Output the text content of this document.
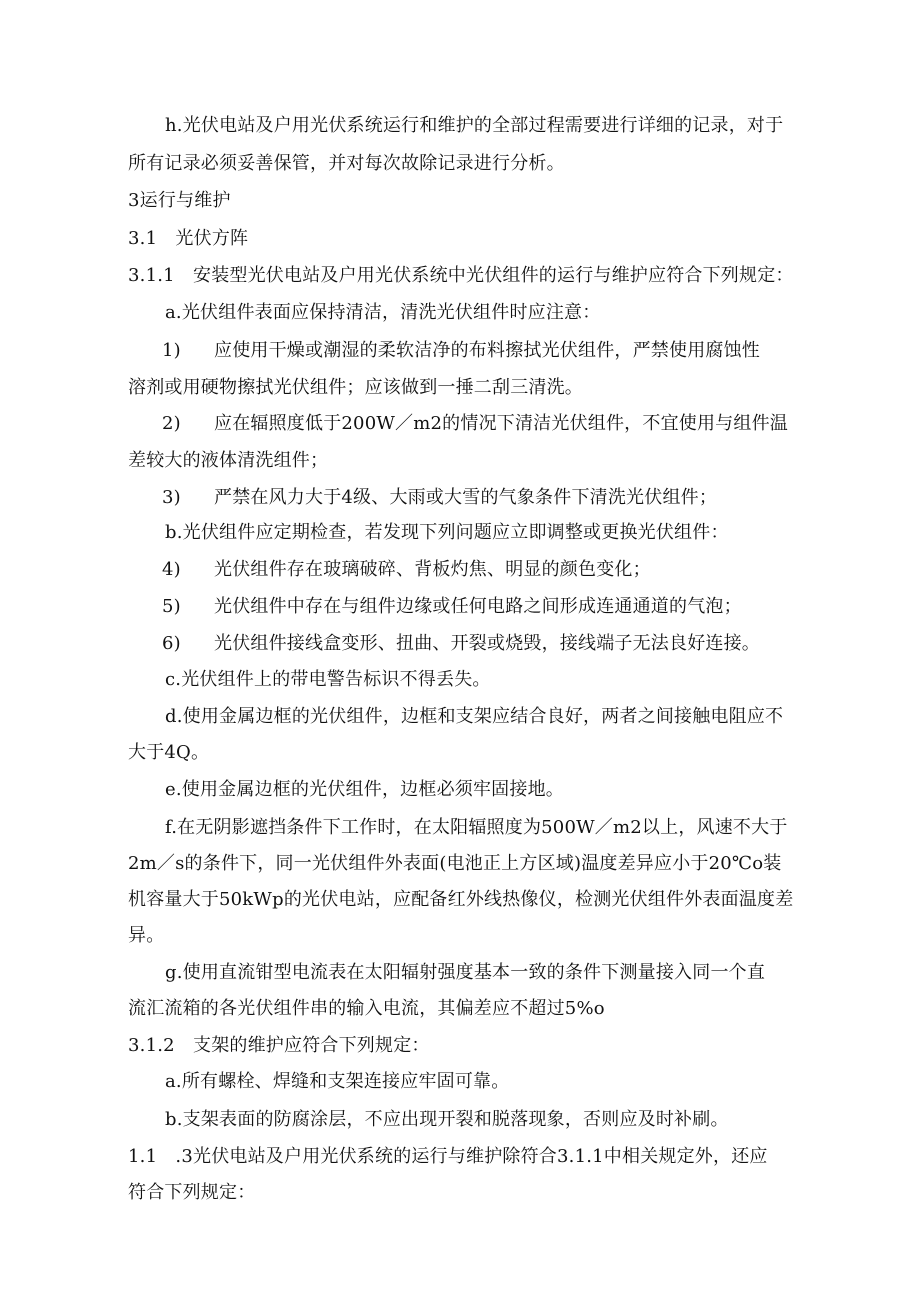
h.光伏电站及户用光伏系统运行和维护的全部过程需要进行详细的记录，对于
所有记录必须妥善保管，并对每次故除记录进行分析。
3运行与维护
3.1　光伏方阵
3.1.1　安装型光伏电站及户用光伏系统中光伏组件的运行与维护应符合下列规定：
a.光伏组件表面应保持清洁，清洗光伏组件时应注意：
1) 应使用干燥或潮湿的柔软洁净的布料擦拭光伏组件，严禁使用腐蚀性
溶剂或用硬物擦拭光伏组件；应该做到一捶二刮三清洗。
2) 应在辐照度低于200W／m2的情况下清洁光伏组件，不宜使用与组件温
差较大的液体清洗组件；
3) 严禁在风力大于4级、大雨或大雪的气象条件下清洗光伏组件；
b.光伏组件应定期检查，若发现下列问题应立即调整或更换光伏组件：
4) 光伏组件存在玻璃破碎、背板灼焦、明显的颜色变化；
5) 光伏组件中存在与组件边缘或任何电路之间形成连通通道的气泡；
6) 光伏组件接线盒变形、扭曲、开裂或烧毁，接线端子无法良好连接。
c.光伏组件上的带电警告标识不得丢失。
d.使用金属边框的光伏组件，边框和支架应结合良好，两者之间接触电阻应不
大于4Q。
e.使用金属边框的光伏组件，边框必须牢固接地。
f.在无阴影遮挡条件下工作时，在太阳辐照度为500W／m2以上，风速不大于
2m／s的条件下，同一光伏组件外表面(电池正上方区域)温度差异应小于20℃o装
机容量大于50kWp的光伏电站，应配备红外线热像仪，检测光伏组件外表面温度差
异。
g.使用直流钳型电流表在太阳辐射强度基本一致的条件下测量接入同一个直
流汇流箱的各光伏组件串的输入电流，其偏差应不超过5%o
3.1.2　支架的维护应符合下列规定：
a.所有螺栓、焊缝和支架连接应牢固可靠。
b.支架表面的防腐涂层，不应出现开裂和脱落现象，否则应及时补刷。
1.1　.3光伏电站及户用光伏系统的运行与维护除符合3.1.1中相关规定外，还应
符合下列规定：
